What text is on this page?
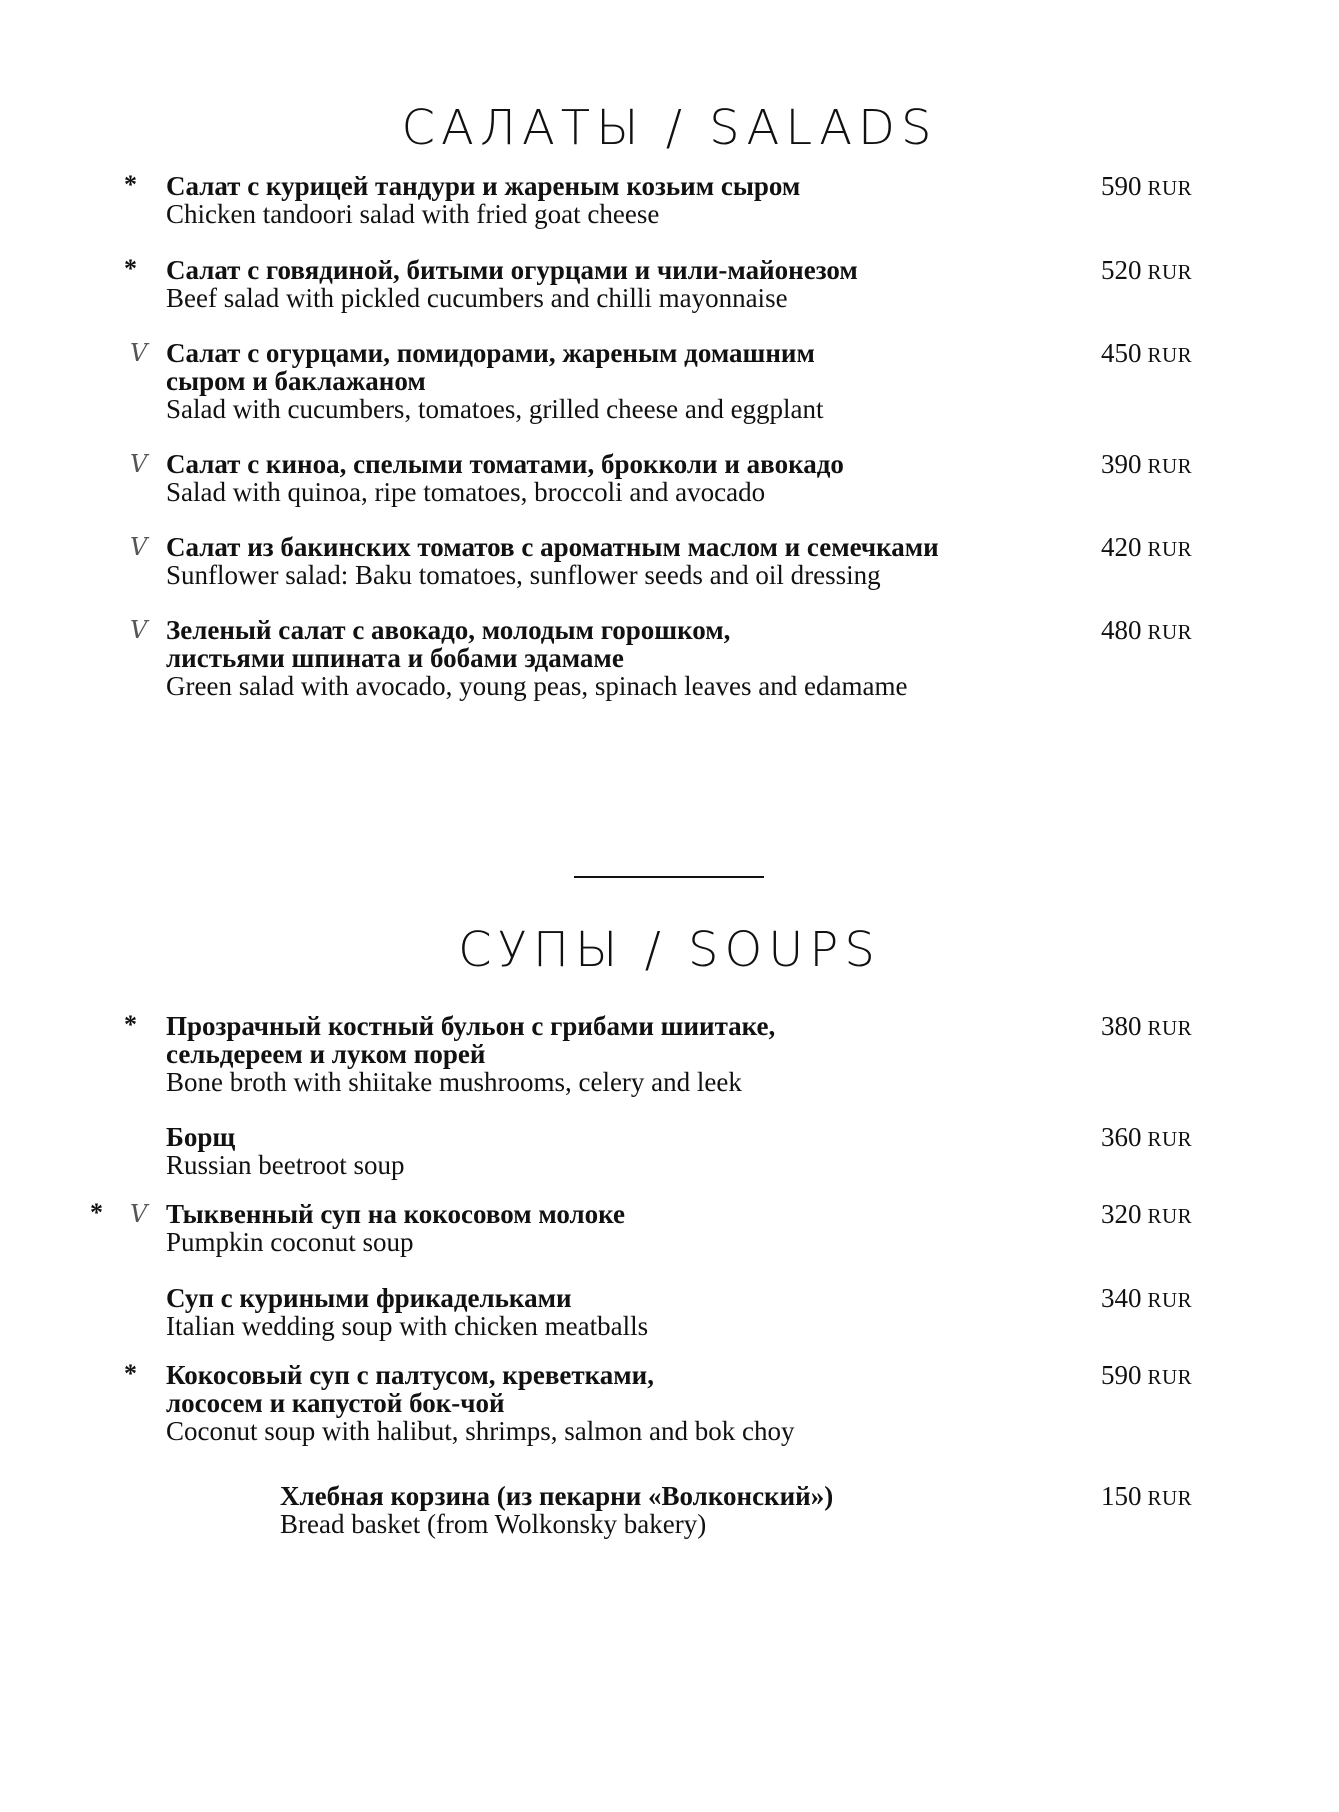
САЛАТЫ / SALADS
* Салат с курицей тандури и жареным козьим сыром
Chicken tandoori salad with fried goat cheese
590 RUR
* Салат с говядиной, битыми огурцами и чили-майонезом
Beef salad with pickled cucumbers and chilli mayonnaise
520 RUR
V Салат с огурцами, помидорами, жареным домашним
сыром и баклажаном
Salad with cucumbers, tomatoes, grilled cheese and eggplant
450 RUR
V Салат с киноа, спелыми томатами, брокколи и авокадо
Salad with quinoa, ripe tomatoes, broccoli and avocado
390 RUR
V Салат из бакинских томатов с ароматным маслом и семечками
Sunflower salad: Baku tomatoes, sunflower seeds and oil dressing
420 RUR
V Зеленый салат с авокадо, молодым горошком,
листьями шпината и бобами эдамаме
Green salad with avocado, young peas, spinach leaves and edamame
480 RUR
СУПЫ / SOUPS
* Прозрачный костный бульон с грибами шиитаке,
сельдереем и луком порей
Bone broth with shiitake mushrooms, celery and leek
380 RUR
Борщ
Russian beetroot soup
360 RUR
* V Тыквенный суп на кокосовом молоке
Pumpkin coconut soup
320 RUR
Суп с куриными фрикадельками
Italian wedding soup with chicken meatballs
340 RUR
* Кокосовый суп с палтусом, креветками,
лососем и капустой бок-чой
Coconut soup with halibut, shrimps, salmon and bok choy
590 RUR
Хлебная корзина (из пекарни «Волконский»)
Bread basket (from Wolkonsky bakery)
150 RUR
